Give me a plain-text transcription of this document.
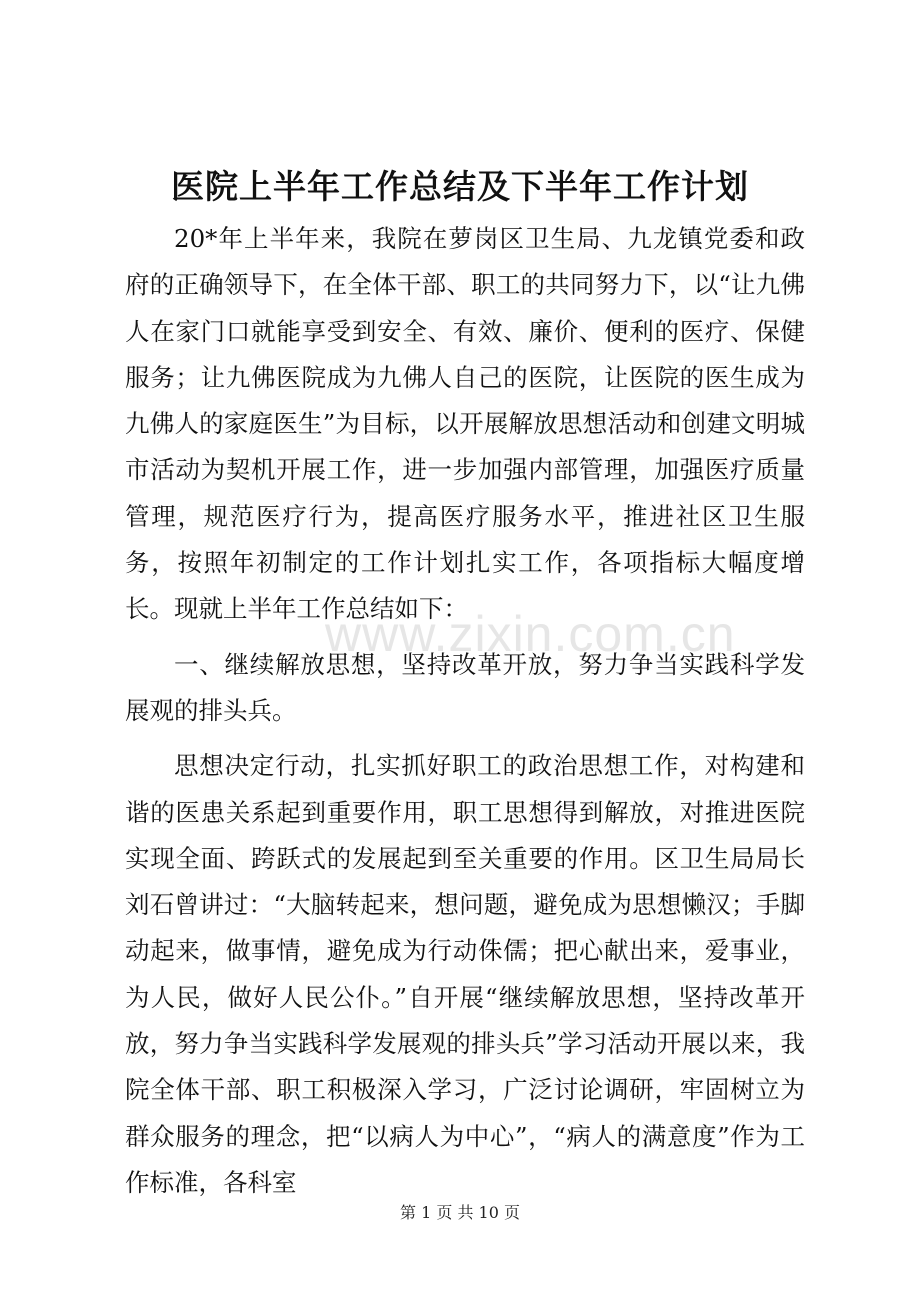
医院上半年工作总结及下半年工作计划

20*年上半年来，我院在萝岗区卫生局、九龙镇党委和政府的正确领导下，在全体干部、职工的共同努力下，以“让九佛人在家门口就能享受到安全、有效、廉价、便利的医疗、保健服务；让九佛医院成为九佛人自己的医院，让医院的医生成为九佛人的家庭医生”为目标，以开展解放思想活动和创建文明城市活动为契机开展工作，进一步加强内部管理，加强医疗质量管理，规范医疗行为，提高医疗服务水平，推进社区卫生服务，按照年初制定的工作计划扎实工作，各项指标大幅度增长。现就上半年工作总结如下：

一、继续解放思想，坚持改革开放，努力争当实践科学发展观的排头兵。

思想决定行动，扎实抓好职工的政治思想工作，对构建和谐的医患关系起到重要作用，职工思想得到解放，对推进医院实现全面、跨跃式的发展起到至关重要的作用。区卫生局局长刘石曾讲过：“大脑转起来，想问题，避免成为思想懒汉；手脚动起来，做事情，避免成为行动侏儒；把心献出来，爱事业，为人民，做好人民公仆。”自开展“继续解放思想，坚持改革开放，努力争当实践科学发展观的排头兵”学习活动开展以来，我院全体干部、职工积极深入学习，广泛讨论调研，牢固树立为群众服务的理念，把“以病人为中心”，“病人的满意度”作为工作标准，各科室

www.zixin.com.cn
第 1 页 共 10 页
